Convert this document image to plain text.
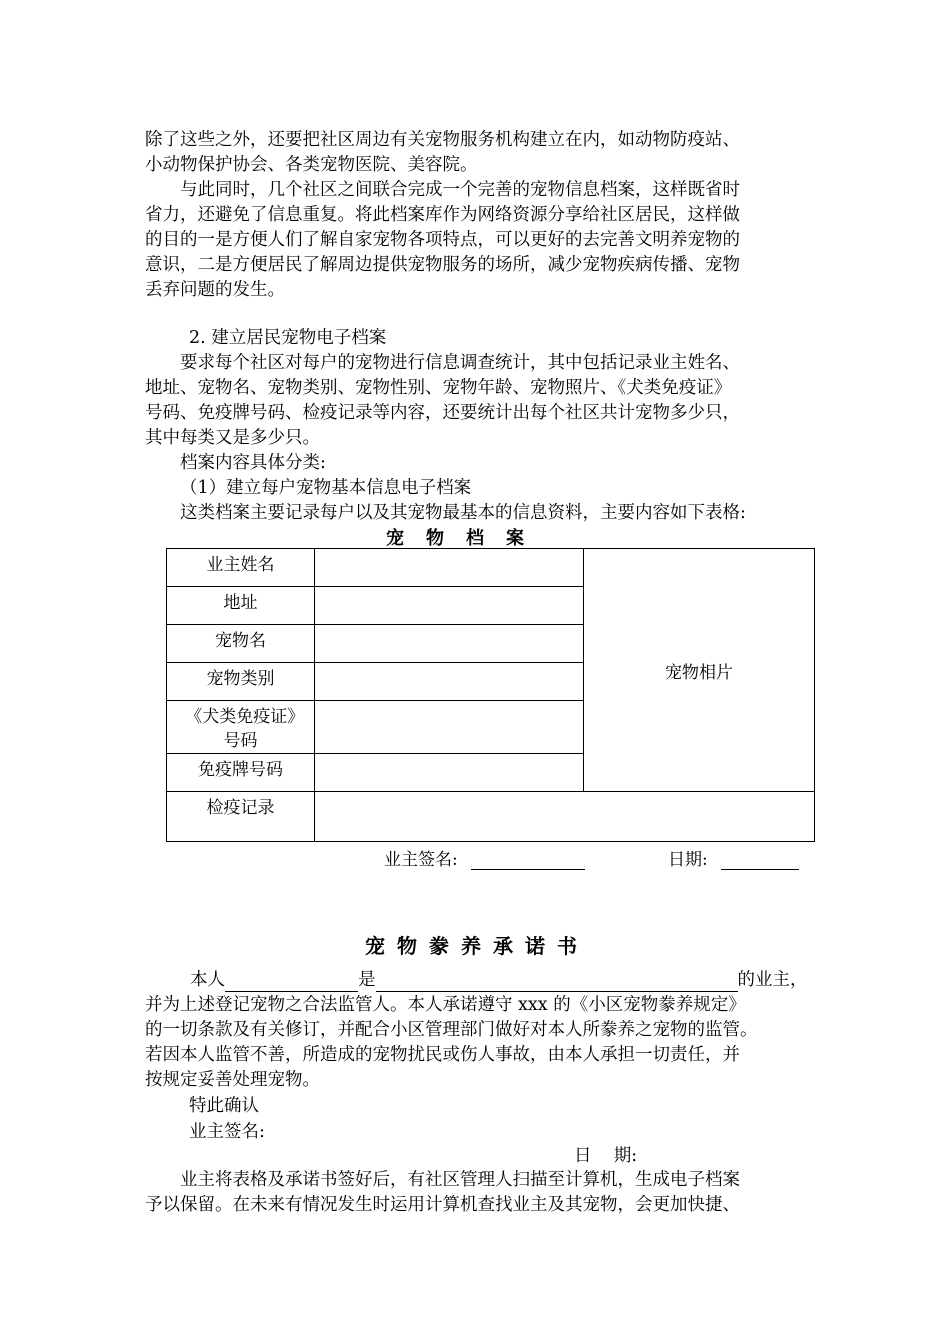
除了这些之外，还要把社区周边有关宠物服务机构建立在内，如动物防疫站、
小动物保护协会、各类宠物医院、美容院。
与此同时，几个社区之间联合完成一个完善的宠物信息档案，这样既省时
省力，还避免了信息重复。将此档案库作为网络资源分享给社区居民，这样做
的目的一是方便人们了解自家宠物各项特点，可以更好的去完善文明养宠物的
意识，二是方便居民了解周边提供宠物服务的场所，减少宠物疾病传播、宠物
丢弃问题的发生。
2. 建立居民宠物电子档案
要求每个社区对每户的宠物进行信息调查统计，其中包括记录业主姓名、
地址、宠物名、宠物类别、宠物性别、宠物年龄、宠物照片、《犬类免疫证》
号码、免疫牌号码、检疫记录等内容，还要统计出每个社区共计宠物多少只，
其中每类又是多少只。
档案内容具体分类:
（1）建立每户宠物基本信息电子档案
这类档案主要记录每户以及其宠物最基本的信息资料，主要内容如下表格:
宠物档案
业主姓名		宠物相片
地址		
宠物名		
宠物类别		
《犬类免疫证》号码		
免疫牌号码		
检疫记录		
业主签名:	日期:
宠物豢养承诺书
本人	是	的业主，
并为上述登记宠物之合法监管人。本人承诺遵守 xxx 的《小区宠物豢养规定》
的一切条款及有关修订，并配合小区管理部门做好对本人所豢养之宠物的监管。
若因本人监管不善，所造成的宠物扰民或伤人事故，由本人承担一切责任，并
按规定妥善处理宠物。
特此确认
业主签名:
日    期:
业主将表格及承诺书签好后，有社区管理人扫描至计算机，生成电子档案
予以保留。在未来有情况发生时运用计算机查找业主及其宠物，会更加快捷、
